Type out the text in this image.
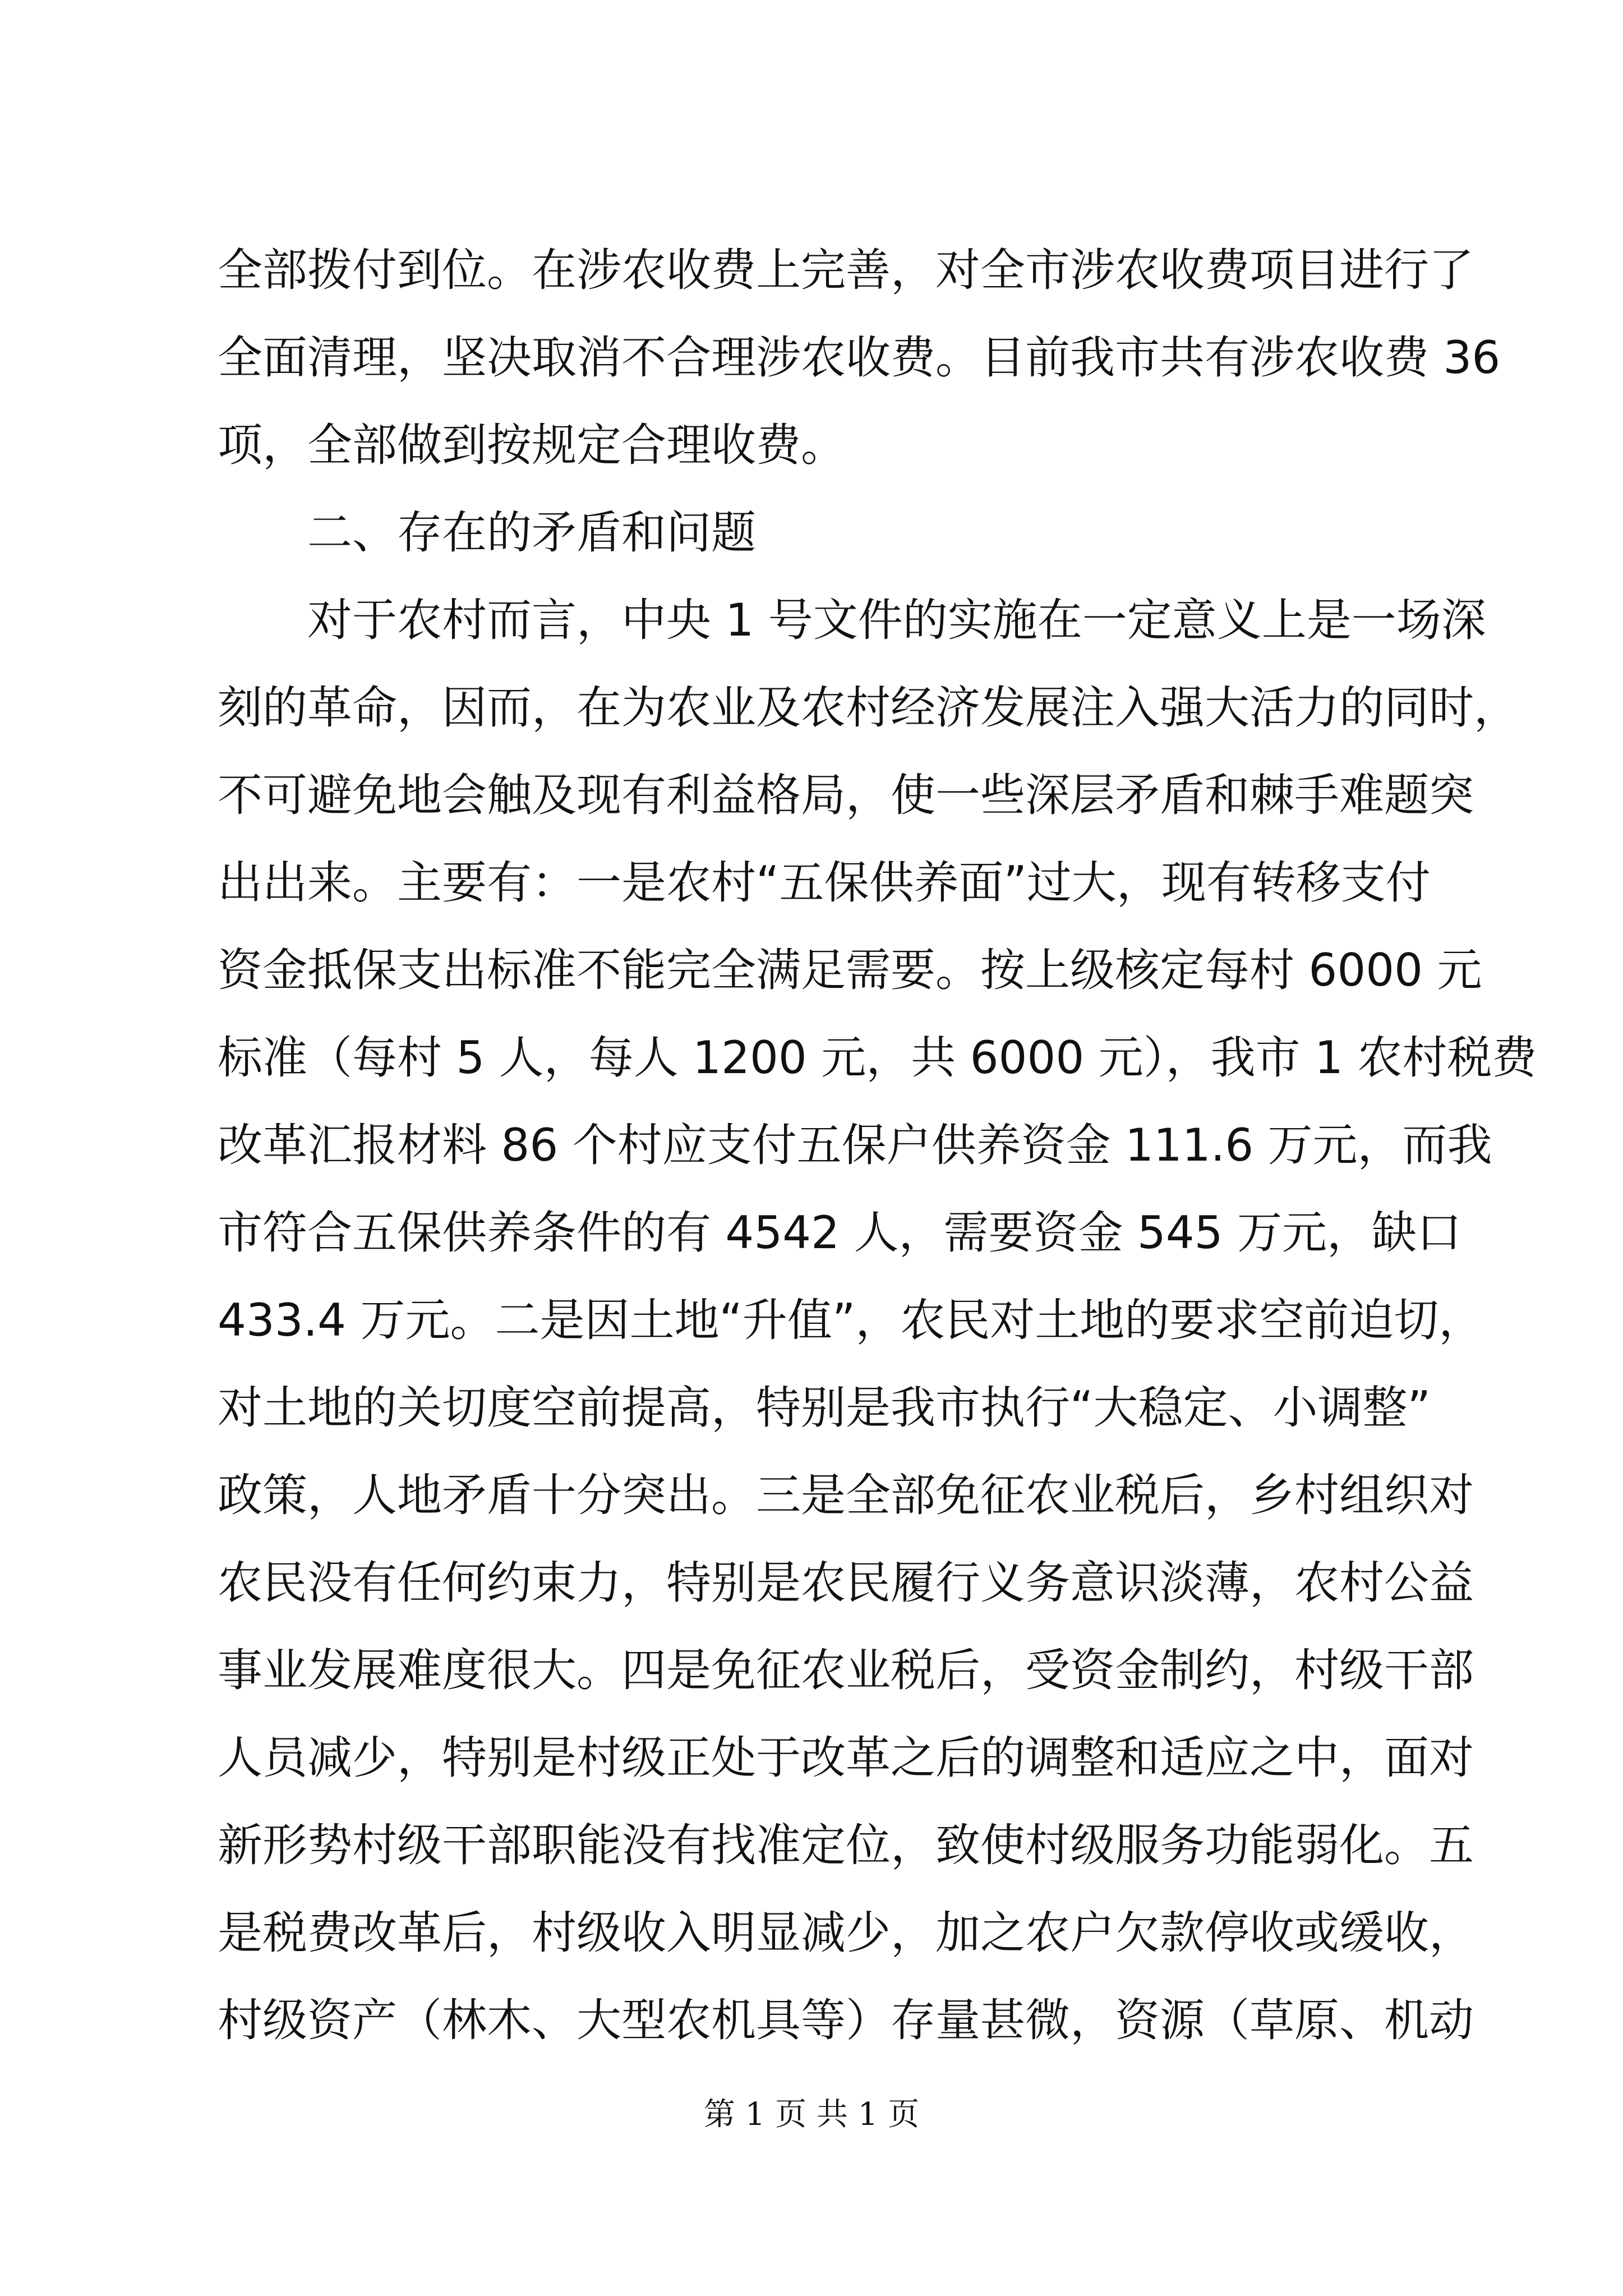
全部拨付到位。在涉农收费上完善，对全市涉农收费项目进行了
全面清理，坚决取消不合理涉农收费。目前我市共有涉农收费 36
项，全部做到按规定合理收费。
二、存在的矛盾和问题
对于农村而言，中央 1 号文件的实施在一定意义上是一场深
刻的革命，因而，在为农业及农村经济发展注入强大活力的同时，
不可避免地会触及现有利益格局，使一些深层矛盾和棘手难题突
出出来。主要有：一是农村“五保供养面”过大，现有转移支付
资金抵保支出标准不能完全满足需要。按上级核定每村 6000 元
标准（每村 5 人，每人 1200 元，共 6000 元），我市 1 农村税费
改革汇报材料 86 个村应支付五保户供养资金 111.6 万元，而我
市符合五保供养条件的有 4542 人，需要资金 545 万元，缺口
433.4 万元。二是因土地“升值”，农民对土地的要求空前迫切，
对土地的关切度空前提高，特别是我市执行“大稳定、小调整”
政策，人地矛盾十分突出。三是全部免征农业税后，乡村组织对
农民没有任何约束力，特别是农民履行义务意识淡薄，农村公益
事业发展难度很大。四是免征农业税后，受资金制约，村级干部
人员减少，特别是村级正处于改革之后的调整和适应之中，面对
新形势村级干部职能没有找准定位，致使村级服务功能弱化。五
是税费改革后，村级收入明显减少，加之农户欠款停收或缓收，
村级资产（林木、大型农机具等）存量甚微，资源（草原、机动
第 1 页 共 1 页
